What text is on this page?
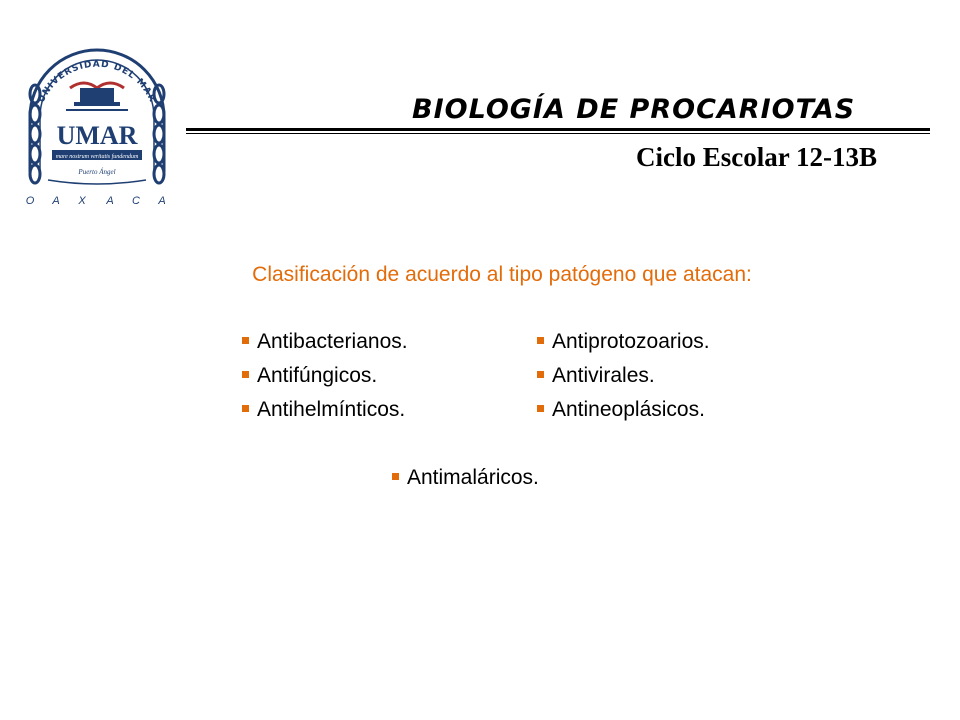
UNIVERSIDAD DEL MAR
UMAR
mare nostrum veritatis fundendum
Puerto Ángel
O A X A C A
BIOLOGÍA DE PROCARIOTAS
Ciclo Escolar 12-13B
Clasificación de acuerdo al tipo patógeno que atacan:
Antibacterianos.
Antifúngicos.
Antihelmínticos.
Antiprotozoarios.
Antivirales.
Antineoplásicos.
Antimaláricos.
